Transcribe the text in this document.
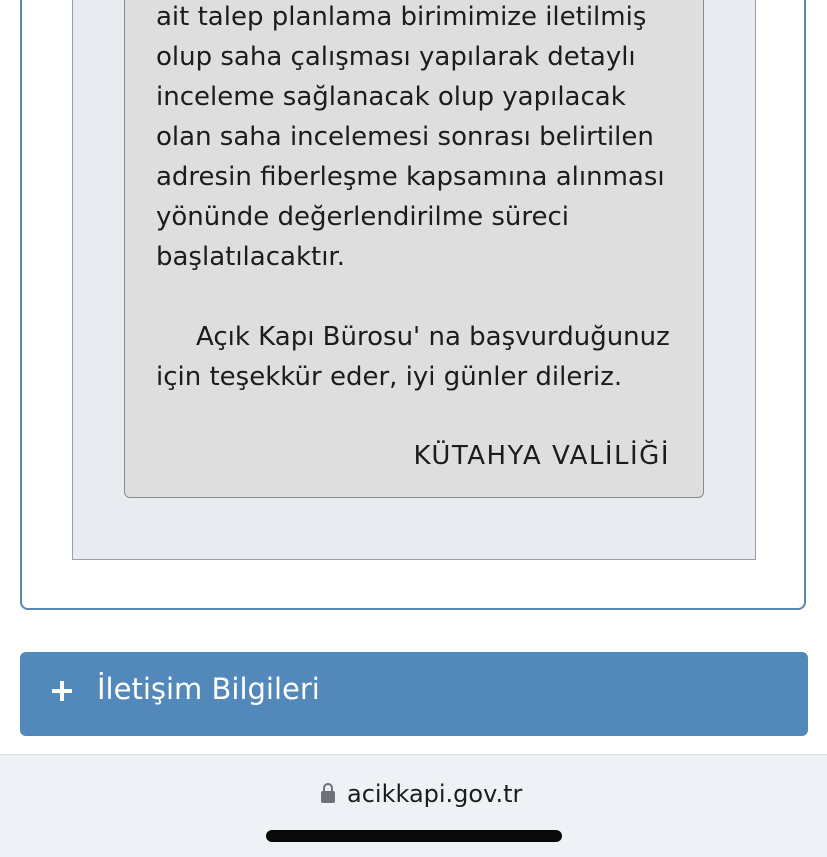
ait talep planlama birimimize iletilmiş
olup saha çalışması yapılarak detaylı
inceleme sağlanacak olup yapılacak
olan saha incelemesi sonrası belirtilen
adresin fiberleşme kapsamına alınması
yönünde değerlendirilme süreci
başlatılacaktır.
Açık Kapı Bürosu' na başvurduğunuz
için teşekkür eder, iyi günler dileriz.
KÜTAHYA VALİLİĞİ
İletişim Bilgileri
acikkapi.gov.tr
